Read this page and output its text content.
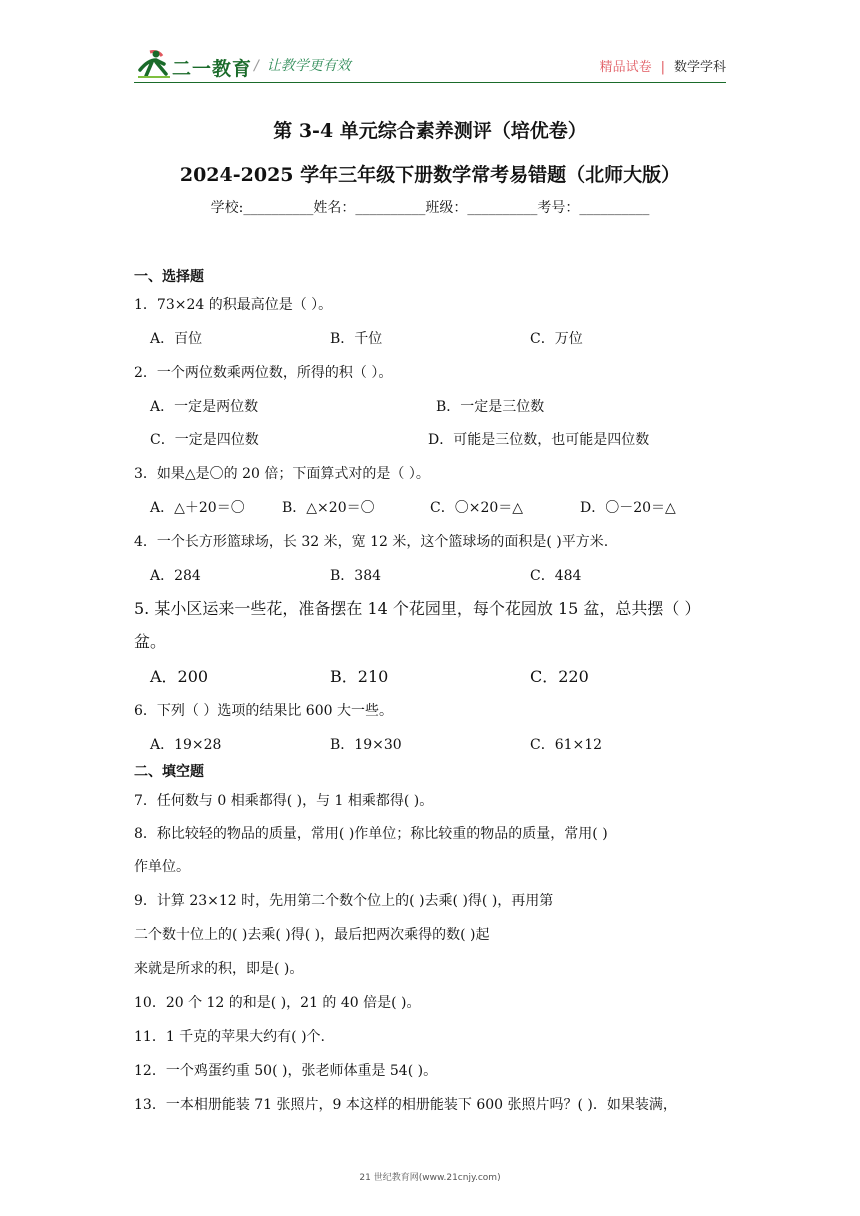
二一教育 / 让教学更有效	精品试卷 | 数学学科
第 3-4 单元综合素养测评（培优卷）
2024-2025 学年三年级下册数学常考易错题（北师大版）
学校:__________姓名：__________班级：__________考号：__________
一、选择题
1．73×24 的积最高位是（ ）。
A．百位	B．千位	C．万位
2．一个两位数乘两位数，所得的积（ ）。
A．一定是两位数	B．一定是三位数
C．一定是四位数	D．可能是三位数，也可能是四位数
3．如果△是〇的 20 倍；下面算式对的是（ ）。
A．△＋20＝〇	B．△×20＝〇	C．〇×20＝△	D．〇－20＝△
4．一个长方形篮球场，长 32 米，宽 12 米，这个篮球场的面积是( )平方米.
A．284	B．384	C．484
5. 某小区运来一些花，准备摆在 14 个花园里，每个花园放 15 盆，总共摆（ ）
盆。
A．200	B．210	C．220
6．下列（ ）选项的结果比 600 大一些。
A．19×28	B．19×30	C．61×12
二、填空题
7．任何数与 0 相乘都得( )，与 1 相乘都得( )。
8．称比较轻的物品的质量，常用( )作单位；称比较重的物品的质量，常用( )
作单位。
9．计算 23×12 时，先用第二个数个位上的( )去乘( )得( )，再用第
二个数十位上的( )去乘( )得( )，最后把两次乘得的数( )起
来就是所求的积，即是( )。
10．20 个 12 的和是( )，21 的 40 倍是( )。
11．1 千克的苹果大约有( )个.
12．一个鸡蛋约重 50( )，张老师体重是 54( )。
13．一本相册能装 71 张照片，9 本这样的相册能装下 600 张照片吗？( )．如果装满，
21 世纪教育网(www.21cnjy.com)
